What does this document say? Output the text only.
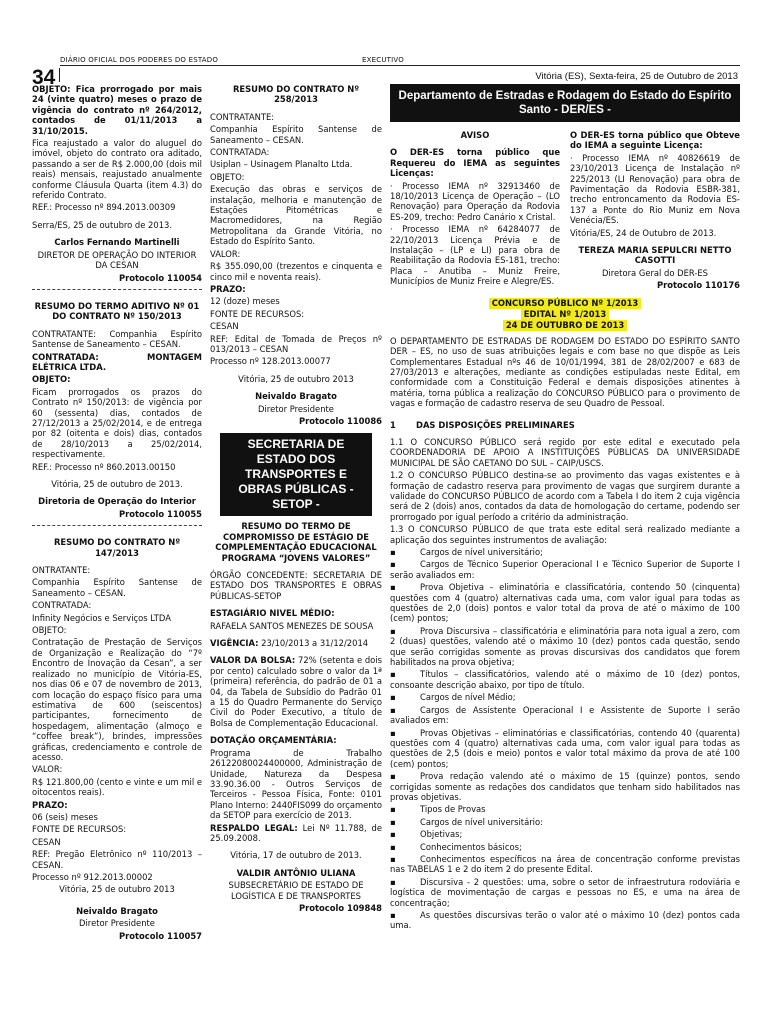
DIÁRIO OFICIAL DOS PODERES DO ESTADO	EXECUTIVO
34	Vitória (ES), Sexta-feira, 25 de Outubro de 2013
OBJETO: Fica prorrogado por mais 24 (vinte quatro) meses o prazo de vigência do contrato nº 264/2012, contados de 01/11/2013 a 31/10/2015.
Fica reajustado a valor do aluguel do imóvel, objeto do contrato ora aditado, passando a ser de R$ 2.000,00 (dois mil reais) mensais, reajustado anualmente conforme Cláusula Quarta (item 4.3) do referido Contrato.
REF.: Processo nº 894.2013.00309
Serra/ES, 25 de outubro de 2013.
Carlos Fernando Martinelli
DIRETOR DE OPERAÇÃO DO INTERIOR DA CESAN
Protocolo 110054
RESUMO DO TERMO ADITIVO Nº 01 DO CONTRATO Nº 150/2013
CONTRATANTE: Companhia Espírito Santense de Saneamento – CESAN.
CONTRATADA: MONTAGEM ELÉTRICA LTDA.
OBJETO:
Ficam prorrogados os prazos do Contrato nº 150/2013: de vigência por 60 (sessenta) dias, contados de 27/12/2013 a 25/02/2014, e de entrega por 82 (oitenta e dois) dias, contados de 28/10/2013 a 25/02/2014, respectivamente.
REF.: Processo nº 860.2013.00150
Vitória, 25 de outubro de 2013.
Diretoria de Operação do Interior
Protocolo 110055
RESUMO DO CONTRATO Nº 147/2013
ONTRATANTE:
Companhia Espírito Santense de Saneamento – CESAN.
CONTRATADA:
Infinity Negócios e Serviços LTDA
OBJETO:
Contratação de Prestação de Serviços de Organização e Realização do “7º Encontro de Inovação da Cesan”, a ser realizado no município de Vitória-ES, nos dias 06 e 07 de novembro de 2013, com locação do espaço físico para uma estimativa de 600 (seiscentos) participantes, fornecimento de hospedagem, alimentação (almoço e “coffee break”), brindes, impressões gráficas, credenciamento e controle de acesso.
VALOR:
R$ 121.800,00 (cento e vinte e um mil e oitocentos reais).
PRAZO:
06 (seis) meses
FONTE DE RECURSOS:
CESAN
REF: Pregão Eletrônico nº 110/2013 – CESAN.
Processo nº 912.2013.00002
Vitória, 25 de outubro 2013
Neivaldo Bragato
Diretor Presidente
Protocolo 110057
RESUMO DO CONTRATO Nº 258/2013
CONTRATANTE:
Companhia Espírito Santense de Saneamento – CESAN.
CONTRATADA:
Usiplan – Usinagem Planalto Ltda.
OBJETO:
Execução das obras e serviços de instalação, melhoria e manutenção de Estações Pitométricas e Macromedidores, na Região Metropolitana da Grande Vitória, no Estado do Espírito Santo.
VALOR:
R$ 355.090,00 (trezentos e cinquenta e cinco mil e noventa reais).
PRAZO:
12 (doze) meses
FONTE DE RECURSOS:
CESAN
REF: Edital de Tomada de Preços nº 013/2013 – CESAN
Processo nº 128.2013.00077
Vitória, 25 de outubro 2013
Neivaldo Bragato
Diretor Presidente
Protocolo 110086
SECRETARIA DE ESTADO DOS TRANSPORTES E OBRAS PÚBLICAS - SETOP -
RESUMO DO TERMO DE COMPROMISSO DE ESTÁGIO DE COMPLEMENTAÇÃO EDUCACIONAL PROGRAMA “JOVENS VALORES”
ÓRGÃO CONCEDENTE: SECRETARIA DE ESTADO DOS TRANSPORTES E OBRAS PÚBLICAS-SETOP
ESTAGIÁRIO NIVEL MÉDIO:
RAFAELA SANTOS MENEZES DE SOUSA
VIGÊNCIA: 23/10/2013 a 31/12/2014
VALOR DA BOLSA: 72% (setenta e dois por cento) calculado sobre o valor da 1ª (primeira) referência, do padrão de 01 a 04, da Tabela de Subsídio do Padrão 01 a 15 do Quadro Permanente do Serviço Civil do Poder Executivo, a título de Bolsa de Complementação Educacional.
DOTAÇÃO ORÇAMENTÁRIA:
Programa de Trabalho 26122080024400000, Administração de Unidade, Natureza da Despesa 33.90.36.00 - Outros Serviços de Terceiros - Pessoa Física, Fonte: 0101 Plano Interno: 2440FIS099 do orçamento da SETOP para exercício de 2013.
RESPALDO LEGAL: Lei Nº 11.788, de 25.09.2008.
Vitória, 17 de outubro de 2013.
VALDIR ANTÔNIO ULIANA
SUBSECRETÁRIO DE ESTADO DE LOGÍSTICA E DE TRANSPORTES
Protocolo 109848
Departamento de Estradas e Rodagem do Estado do Espírito Santo - DER/ES -
AVISO
O DER-ES torna público que Requereu do IEMA as seguintes Licenças:
· Processo IEMA nº 32913460 de 18/10/2013 Licença de Operação – (LO Renovação) para Operação da Rodovia ES-209, trecho: Pedro Canário x Cristal.
· Processo IEMA nº 64284077 de 22/10/2013 Licença Prévia e de Instalação – (LP e LI) para obra de Reabilitação da Rodovia ES-181, trecho: Placa – Anutiba – Muniz Freire, Municípios de Muniz Freire e Alegre/ES.
O DER-ES torna público que Obteve do IEMA a seguinte Licença:
· Processo IEMA nº 40826619 de 23/10/2013 Licença de Instalação nº 225/2013 (LI Renovação) para obra de Pavimentação da Rodovia ESBR-381, trecho entroncamento da Rodovia ES-137 a Ponte do Rio Muniz em Nova Venécia/ES.
Vitória/ES, 24 de Outubro de 2013.
TEREZA MARIA SEPULCRI NETTO CASOTTI
Diretora Geral do DER-ES
Protocolo 110176
CONCURSO PÚBLICO Nº 1/2013
EDITAL Nº 1/2013
24 DE OUTUBRO DE 2013
O DEPARTAMENTO DE ESTRADAS DE RODAGEM DO ESTADO DO ESPÍRITO SANTO DER – ES, no uso de suas atribuições legais e com base no que dispõe as Leis Complementares Estadual nºs 46 de 10/01/1994, 381 de 28/02/2007 e 683 de 27/03/2013 e alterações, mediante as condições estipuladas neste Edital, em conformidade com a Constituição Federal e demais disposições atinentes à matéria, torna pública a realização do CONCURSO PÚBLICO para o provimento de vagas e formação de cadastro reserva de seu Quadro de Pessoal.
1 DAS DISPOSIÇÕES PRELIMINARES
1.1 O CONCURSO PÚBLICO será regido por este edital e executado pela COORDENADORIA DE APOIO A INSTITUIÇÕES PÚBLICAS DA UNIVERSIDADE MUNICIPAL DE SÃO CAETANO DO SUL – CAIP/USCS.
1.2 O CONCURSO PÚBLICO destina-se ao provimento das vagas existentes e à formação de cadastro reserva para provimento de vagas que surgirem durante a validade do CONCURSO PÚBLICO de acordo com a Tabela I do item 2 cuja vigência será de 2 (dois) anos, contados da data de homologação do certame, podendo ser prorrogado por igual período a critério da administração.
1.3 O CONCURSO PÚBLICO de que trata este edital será realizado mediante a aplicação dos seguintes instrumentos de avaliação:
▪	Cargos de nível universitário;
▪	Cargos de Técnico Superior Operacional I e Técnico Superior de Suporte I serão avaliados em:
▪	Prova Objetiva – eliminatória e classificatória, contendo 50 (cinquenta) questões com 4 (quatro) alternativas cada uma, com valor igual para todas as questões de 2,0 (dois) pontos e valor total da prova de até o máximo de 100 (cem) pontos;
▪	Prova Discursiva – classificatória e eliminatória para nota igual a zero, com 2 (duas) questões, valendo até o máximo 10 (dez) pontos cada questão, sendo que serão corrigidas somente as provas discursivas dos candidatos que forem habilitados na prova objetiva;
▪	Títulos – classificatórios, valendo até o máximo de 10 (dez) pontos, consoante descrição abaixo, por tipo de título.
▪	Cargos de nível Médio;
▪	Cargos de Assistente Operacional I e Assistente de Suporte I serão avaliados em:
▪	Provas Objetivas – eliminatórias e classificatórias, contendo 40 (quarenta) questões com 4 (quatro) alternativas cada uma, com valor igual para todas as questões de 2,5 (dois e meio) pontos e valor total máximo da prova de até 100 (cem) pontos;
▪	Prova redação valendo até o máximo de 15 (quinze) pontos, sendo corrigidas somente as redações dos candidatos que tenham sido habilitados nas provas objetivas.
▪	Tipos de Provas
▪	Cargos de nível universitário:
▪	Objetivas;
▪	Conhecimentos básicos;
▪	Conhecimentos específicos na área de concentração conforme previstas nas TABELAS 1 e 2 do item 2 do presente Edital.
▪	Discursiva - 2 questões: uma, sobre o setor de infraestrutura rodoviária e logística de movimentação de cargas e pessoas no ES, e uma na área de concentração;
▪	As questões discursivas terão o valor até o máximo 10 (dez) pontos cada uma.
